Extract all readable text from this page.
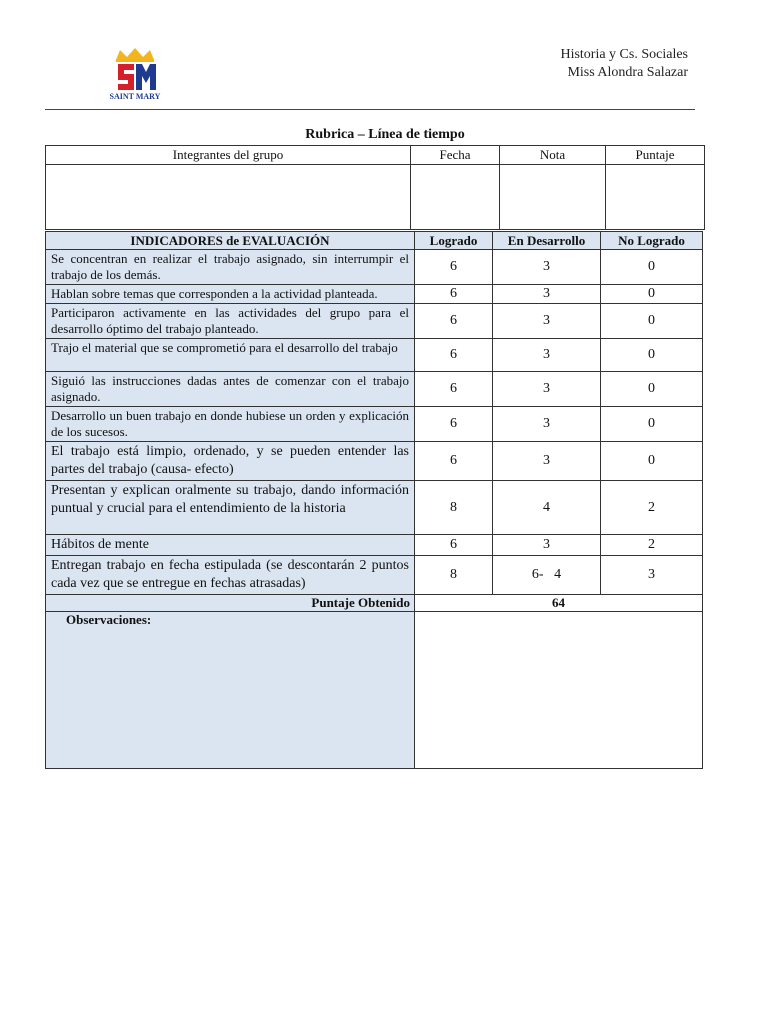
SAINT MARY
Historia y Cs. Sociales
Miss Alondra Salazar
Rubrica – Línea de tiempo
Integrantes del grupo	Fecha	Nota	Puntaje

INDICADORES de EVALUACIÓN	Logrado	En Desarrollo	No Logrado
Se concentran en realizar el trabajo asignado, sin interrumpir el trabajo de los demás.	6	3	0
Hablan sobre temas que corresponden a la actividad planteada.	6	3	0
Participaron activamente en las actividades del grupo para el desarrollo óptimo del trabajo planteado.	6	3	0
Trajo el material que se comprometió para el desarrollo del trabajo	6	3	0
Siguió las instrucciones dadas antes de comenzar con el trabajo asignado.	6	3	0
Desarrollo un buen trabajo en donde hubiese un orden y explicación de los sucesos.	6	3	0
El trabajo está limpio, ordenado, y se pueden entender las partes del trabajo (causa- efecto)	6	3	0
Presentan y explican oralmente su trabajo, dando información puntual y crucial para el entendimiento de la historia	8	4	2
Hábitos de mente	6	3	2
Entregan trabajo en fecha estipulada (se descontarán 2 puntos cada vez que se entregue en fechas atrasadas)	8	6-   4	3
Puntaje Obtenido	64		
Observaciones:			
